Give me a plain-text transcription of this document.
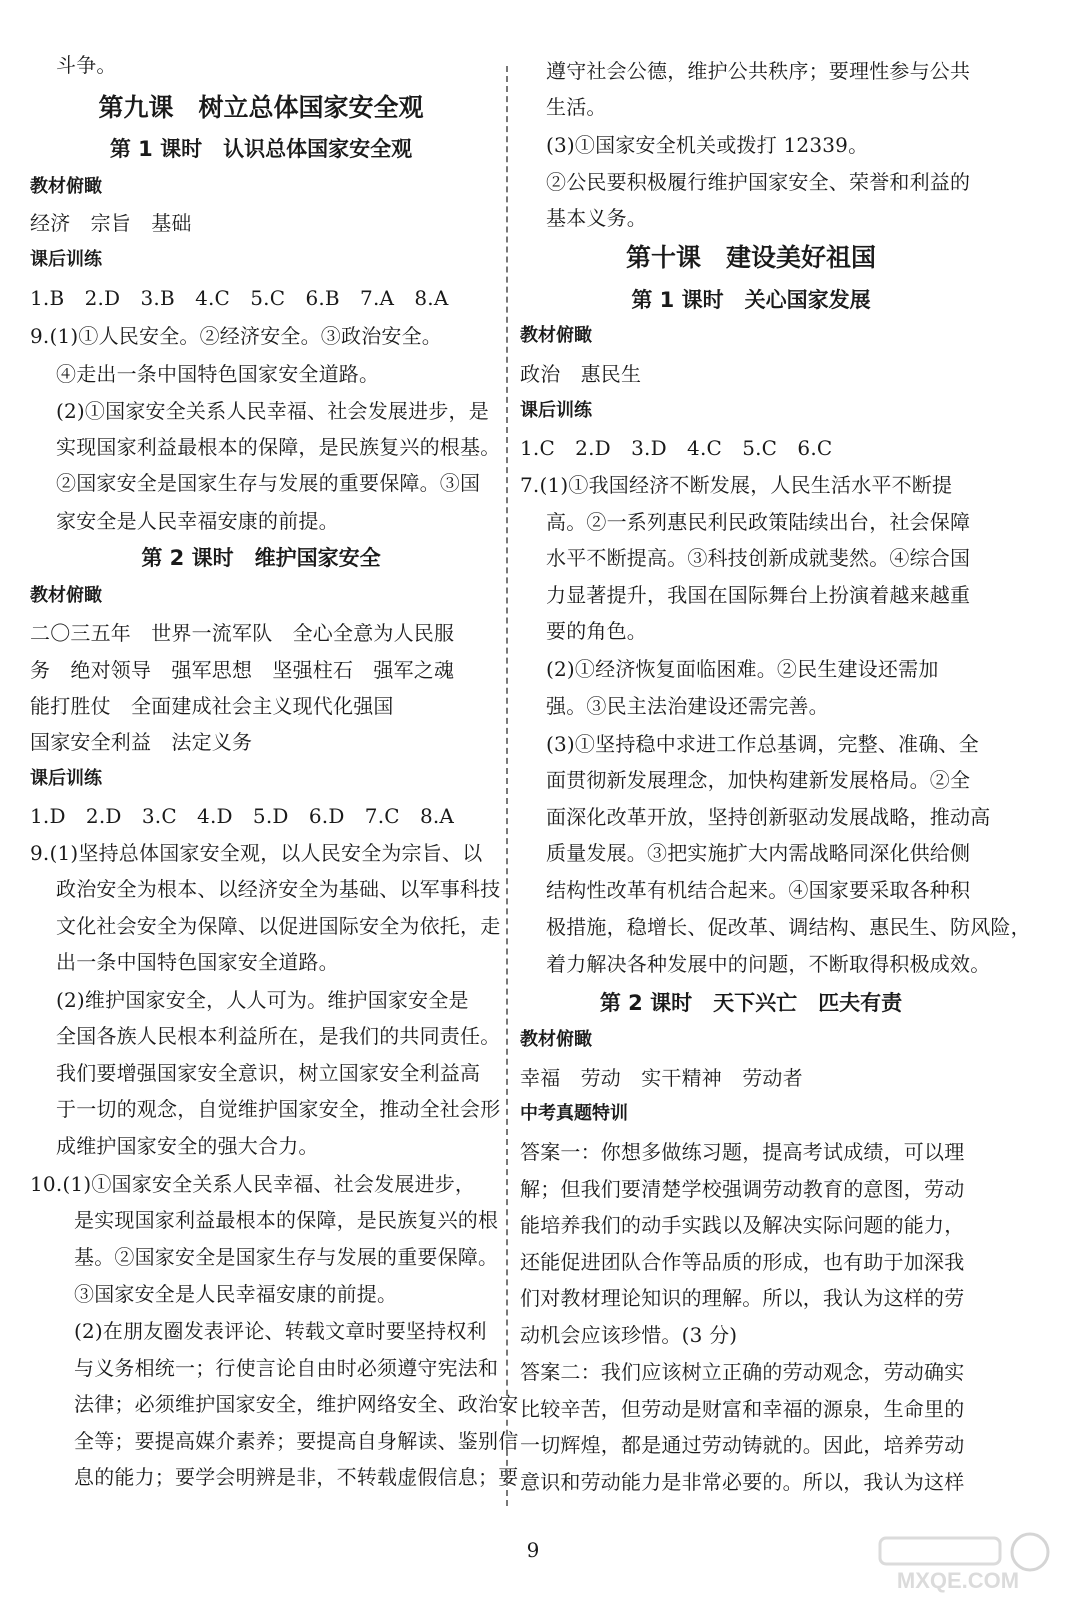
斗争。
第九课　树立总体国家安全观
第 1 课时　认识总体国家安全观
教材俯瞰
经济　宗旨　基础
课后训练
1.B　2.D　3.B　4.C　5.C　6.B　7.A　8.A
9.(1)①人民安全。②经济安全。③政治安全。
④走出一条中国特色国家安全道路。
(2)①国家安全关系人民幸福、社会发展进步，是
实现国家利益最根本的保障，是民族复兴的根基。
②国家安全是国家生存与发展的重要保障。③国
家安全是人民幸福安康的前提。
第 2 课时　维护国家安全
教材俯瞰
二〇三五年　世界一流军队　全心全意为人民服
务　绝对领导　强军思想　坚强柱石　强军之魂
能打胜仗　全面建成社会主义现代化强国
国家安全利益　法定义务
课后训练
1.D　2.D　3.C　4.D　5.D　6.D　7.C　8.A
9.(1)坚持总体国家安全观，以人民安全为宗旨、以
政治安全为根本、以经济安全为基础、以军事科技
文化社会安全为保障、以促进国际安全为依托，走
出一条中国特色国家安全道路。
(2)维护国家安全，人人可为。维护国家安全是
全国各族人民根本利益所在，是我们的共同责任。
我们要增强国家安全意识，树立国家安全利益高
于一切的观念，自觉维护国家安全，推动全社会形
成维护国家安全的强大合力。
10.(1)①国家安全关系人民幸福、社会发展进步，
是实现国家利益最根本的保障，是民族复兴的根
基。②国家安全是国家生存与发展的重要保障。
③国家安全是人民幸福安康的前提。
(2)在朋友圈发表评论、转载文章时要坚持权利
与义务相统一；行使言论自由时必须遵守宪法和
法律；必须维护国家安全，维护网络安全、政治安
全等；要提高媒介素养；要提高自身解读、鉴别信
息的能力；要学会明辨是非，不转载虚假信息；要
遵守社会公德，维护公共秩序；要理性参与公共
生活。
(3)①国家安全机关或拨打 12339。
②公民要积极履行维护国家安全、荣誉和利益的
基本义务。
第十课　建设美好祖国
第 1 课时　关心国家发展
教材俯瞰
政治　惠民生
课后训练
1.C　2.D　3.D　4.C　5.C　6.C
7.(1)①我国经济不断发展，人民生活水平不断提
高。②一系列惠民利民政策陆续出台，社会保障
水平不断提高。③科技创新成就斐然。④综合国
力显著提升，我国在国际舞台上扮演着越来越重
要的角色。
(2)①经济恢复面临困难。②民生建设还需加
强。③民主法治建设还需完善。
(3)①坚持稳中求进工作总基调，完整、准确、全
面贯彻新发展理念，加快构建新发展格局。②全
面深化改革开放，坚持创新驱动发展战略，推动高
质量发展。③把实施扩大内需战略同深化供给侧
结构性改革有机结合起来。④国家要采取各种积
极措施，稳增长、促改革、调结构、惠民生、防风险，
着力解决各种发展中的问题，不断取得积极成效。
第 2 课时　天下兴亡　匹夫有责
教材俯瞰
幸福　劳动　实干精神　劳动者
中考真题特训
答案一：你想多做练习题，提高考试成绩，可以理
解；但我们要清楚学校强调劳动教育的意图，劳动
能培养我们的动手实践以及解决实际问题的能力，
还能促进团队合作等品质的形成，也有助于加深我
们对教材理论知识的理解。所以，我认为这样的劳
动机会应该珍惜。(3 分)
答案二：我们应该树立正确的劳动观念，劳动确实
比较辛苦，但劳动是财富和幸福的源泉，生命里的
一切辉煌，都是通过劳动铸就的。因此，培养劳动
意识和劳动能力是非常必要的。所以，我认为这样
9
MXQE.COM
